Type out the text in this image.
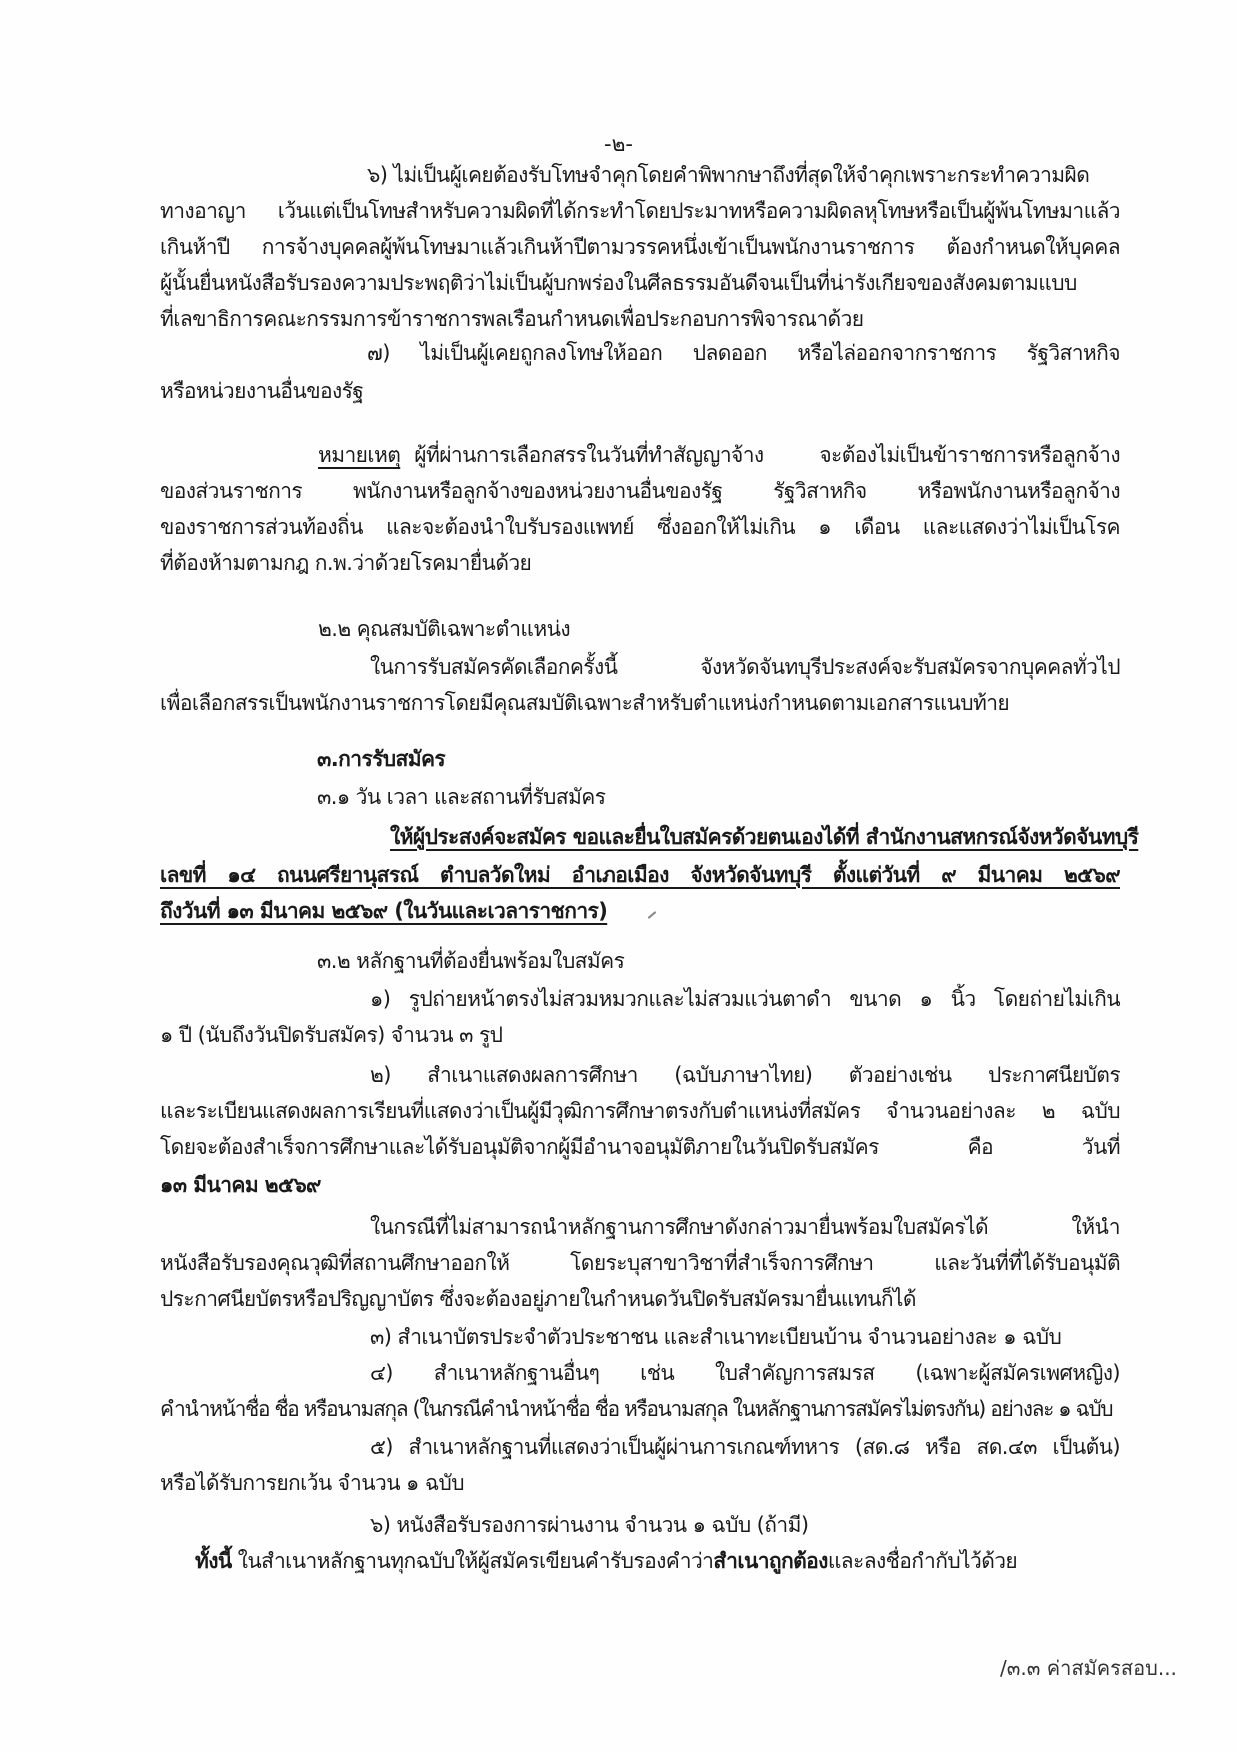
-๒-
๖) ไม่เป็นผู้เคยต้องรับโทษจำคุกโดยคำพิพากษาถึงที่สุดให้จำคุกเพราะกระทำความผิด
ทางอาญา เว้นแต่เป็นโทษสำหรับความผิดที่ได้กระทำโดยประมาทหรือความผิดลหุโทษหรือเป็นผู้พ้นโทษมาแล้ว
เกินห้าปี การจ้างบุคคลผู้พ้นโทษมาแล้วเกินห้าปีตามวรรคหนึ่งเข้าเป็นพนักงานราชการ ต้องกำหนดให้บุคคล
ผู้นั้นยื่นหนังสือรับรองความประพฤติว่าไม่เป็นผู้บกพร่องในศีลธรรมอันดีจนเป็นที่น่ารังเกียจของสังคมตามแบบ
ที่เลขาธิการคณะกรรมการข้าราชการพลเรือนกำหนดเพื่อประกอบการพิจารณาด้วย
๗) ไม่เป็นผู้เคยถูกลงโทษให้ออก ปลดออก หรือไล่ออกจากราชการ รัฐวิสาหกิจ
หรือหน่วยงานอื่นของรัฐ
หมายเหตุ ผู้ที่ผ่านการเลือกสรรในวันที่ทำสัญญาจ้าง จะต้องไม่เป็นข้าราชการหรือลูกจ้าง
ของส่วนราชการ พนักงานหรือลูกจ้างของหน่วยงานอื่นของรัฐ รัฐวิสาหกิจ หรือพนักงานหรือลูกจ้าง
ของราชการส่วนท้องถิ่น และจะต้องนำใบรับรองแพทย์ ซึ่งออกให้ไม่เกิน ๑ เดือน และแสดงว่าไม่เป็นโรค
ที่ต้องห้ามตามกฎ ก.พ.ว่าด้วยโรคมายื่นด้วย
๒.๒ คุณสมบัติเฉพาะตำแหน่ง
ในการรับสมัครคัดเลือกครั้งนี้ จังหวัดจันทบุรีประสงค์จะรับสมัครจากบุคคลทั่วไป
เพื่อเลือกสรรเป็นพนักงานราชการโดยมีคุณสมบัติเฉพาะสำหรับตำแหน่งกำหนดตามเอกสารแนบท้าย
๓.การรับสมัคร
๓.๑ วัน เวลา และสถานที่รับสมัคร
ให้ผู้ประสงค์จะสมัคร ขอและยื่นใบสมัครด้วยตนเองได้ที่ สำนักงานสหกรณ์จังหวัดจันทบุรี
เลขที่ ๑๔ ถนนศรียานุสรณ์ ตำบลวัดใหม่ อำเภอเมือง จังหวัดจันทบุรี ตั้งแต่วันที่ ๙ มีนาคม ๒๕๖๙
ถึงวันที่ ๑๓ มีนาคม ๒๕๖๙ (ในวันและเวลาราชการ)
๓.๒ หลักฐานที่ต้องยื่นพร้อมใบสมัคร
๑) รูปถ่ายหน้าตรงไม่สวมหมวกและไม่สวมแว่นตาดำ ขนาด ๑ นิ้ว โดยถ่ายไม่เกิน
๑ ปี (นับถึงวันปิดรับสมัคร) จำนวน ๓ รูป
๒) สำเนาแสดงผลการศึกษา (ฉบับภาษาไทย) ตัวอย่างเช่น ประกาศนียบัตร
และระเบียนแสดงผลการเรียนที่แสดงว่าเป็นผู้มีวุฒิการศึกษาตรงกับตำแหน่งที่สมัคร จำนวนอย่างละ ๒ ฉบับ
โดยจะต้องสำเร็จการศึกษาและได้รับอนุมัติจากผู้มีอำนาจอนุมัติภายในวันปิดรับสมัคร คือ วันที่
๑๓ มีนาคม ๒๕๖๙
ในกรณีที่ไม่สามารถนำหลักฐานการศึกษาดังกล่าวมายื่นพร้อมใบสมัครได้ ให้นำ
หนังสือรับรองคุณวุฒิที่สถานศึกษาออกให้ โดยระบุสาขาวิชาที่สำเร็จการศึกษา และวันที่ที่ได้รับอนุมัติ
ประกาศนียบัตรหรือปริญญาบัตร ซึ่งจะต้องอยู่ภายในกำหนดวันปิดรับสมัครมายื่นแทนก็ได้
๓) สำเนาบัตรประจำตัวประชาชน และสำเนาทะเบียนบ้าน จำนวนอย่างละ ๑ ฉบับ
๔) สำเนาหลักฐานอื่นๆ เช่น ใบสำคัญการสมรส (เฉพาะผู้สมัครเพศหญิง)
คำนำหน้าชื่อ ชื่อ หรือนามสกุล (ในกรณีคำนำหน้าชื่อ ชื่อ หรือนามสกุล ในหลักฐานการสมัครไม่ตรงกัน) อย่างละ ๑ ฉบับ
๕) สำเนาหลักฐานที่แสดงว่าเป็นผู้ผ่านการเกณฑ์ทหาร (สด.๘ หรือ สด.๔๓ เป็นต้น)
หรือได้รับการยกเว้น จำนวน ๑ ฉบับ
๖) หนังสือรับรองการผ่านงาน จำนวน ๑ ฉบับ (ถ้ามี)
ทั้งนี้ ในสำเนาหลักฐานทุกฉบับให้ผู้สมัครเขียนคำรับรองคำว่าสำเนาถูกต้องและลงชื่อกำกับไว้ด้วย
/๓.๓ ค่าสมัครสอบ...
